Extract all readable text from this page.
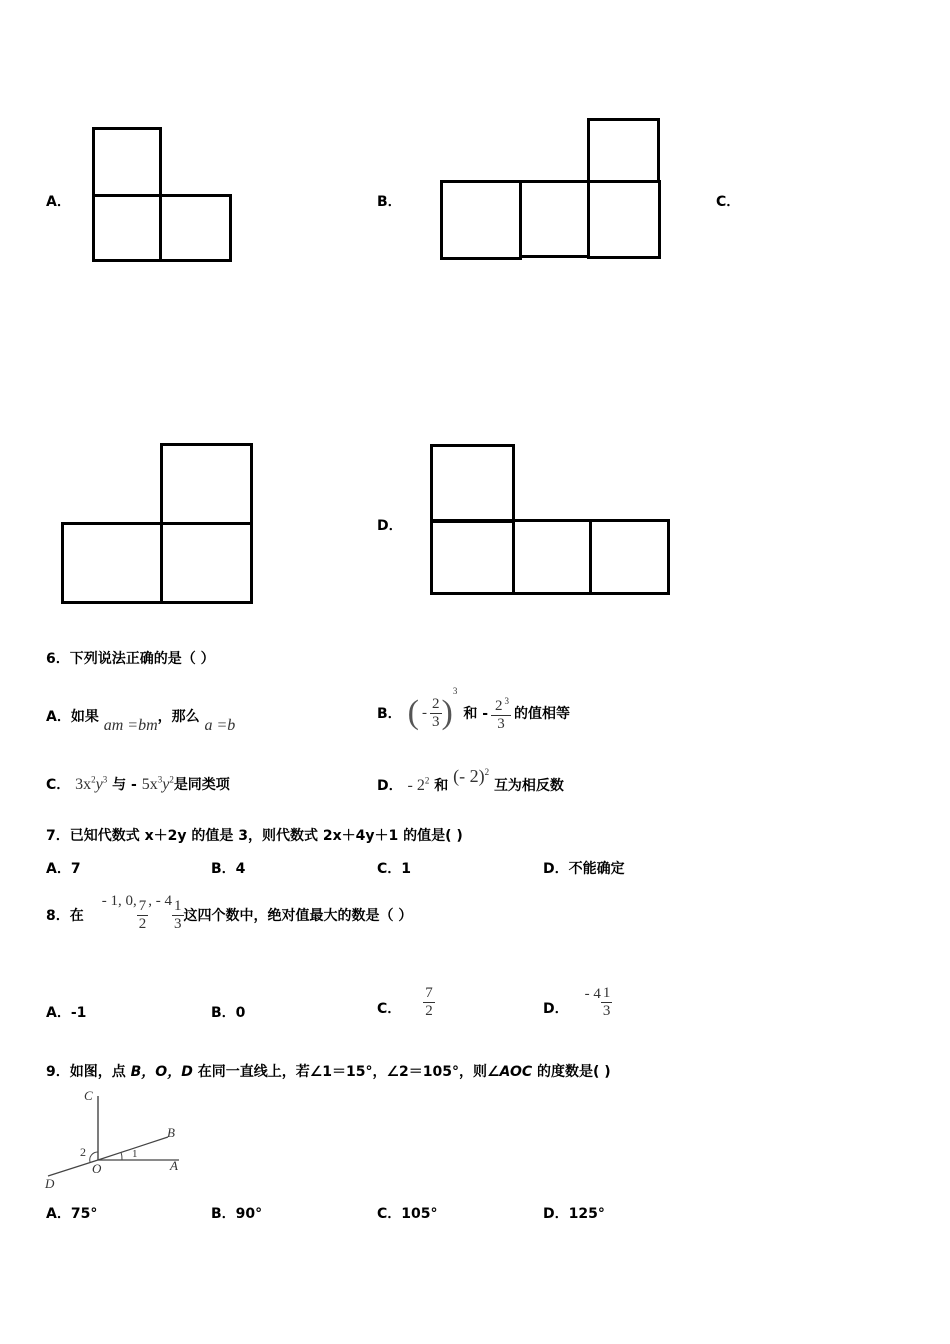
A．	B．	C．
D．
6．下列说法正确的是（ ）
A．如果 am =bm，那么 a =b
B． ( - $\frac{2}{3}$ )
3
和 - $\frac{2 ^3}{3}$ 的值相等
C． $3x^2y^3$ 与 - $5x^3y^2$是同类项	D． - $2^2$ 和 (- 2)$^2$ 互为相反数
7．已知代数式 x＋2y 的值是 3，则代数式 2x＋4y＋1 的值是( )
A．7	B．4	C．1	D．不能确定
8．在
- 1, 0, $\frac{7}{2}$ , - $4 \frac{1}{3}$ 这四个数中，绝对值最大的数是（ ）
A．-1	B．0	C． $\frac{7}{2}$	D．
- $4 \frac{1}{3}$
9．如图，点 B，O，D 在同一直线上，若∠1＝15°，∠2＝105°，则∠AOC 的度数是( )
C
B
A
O
D
1
2
A．75°	B．90°	C．105°	D．125°
